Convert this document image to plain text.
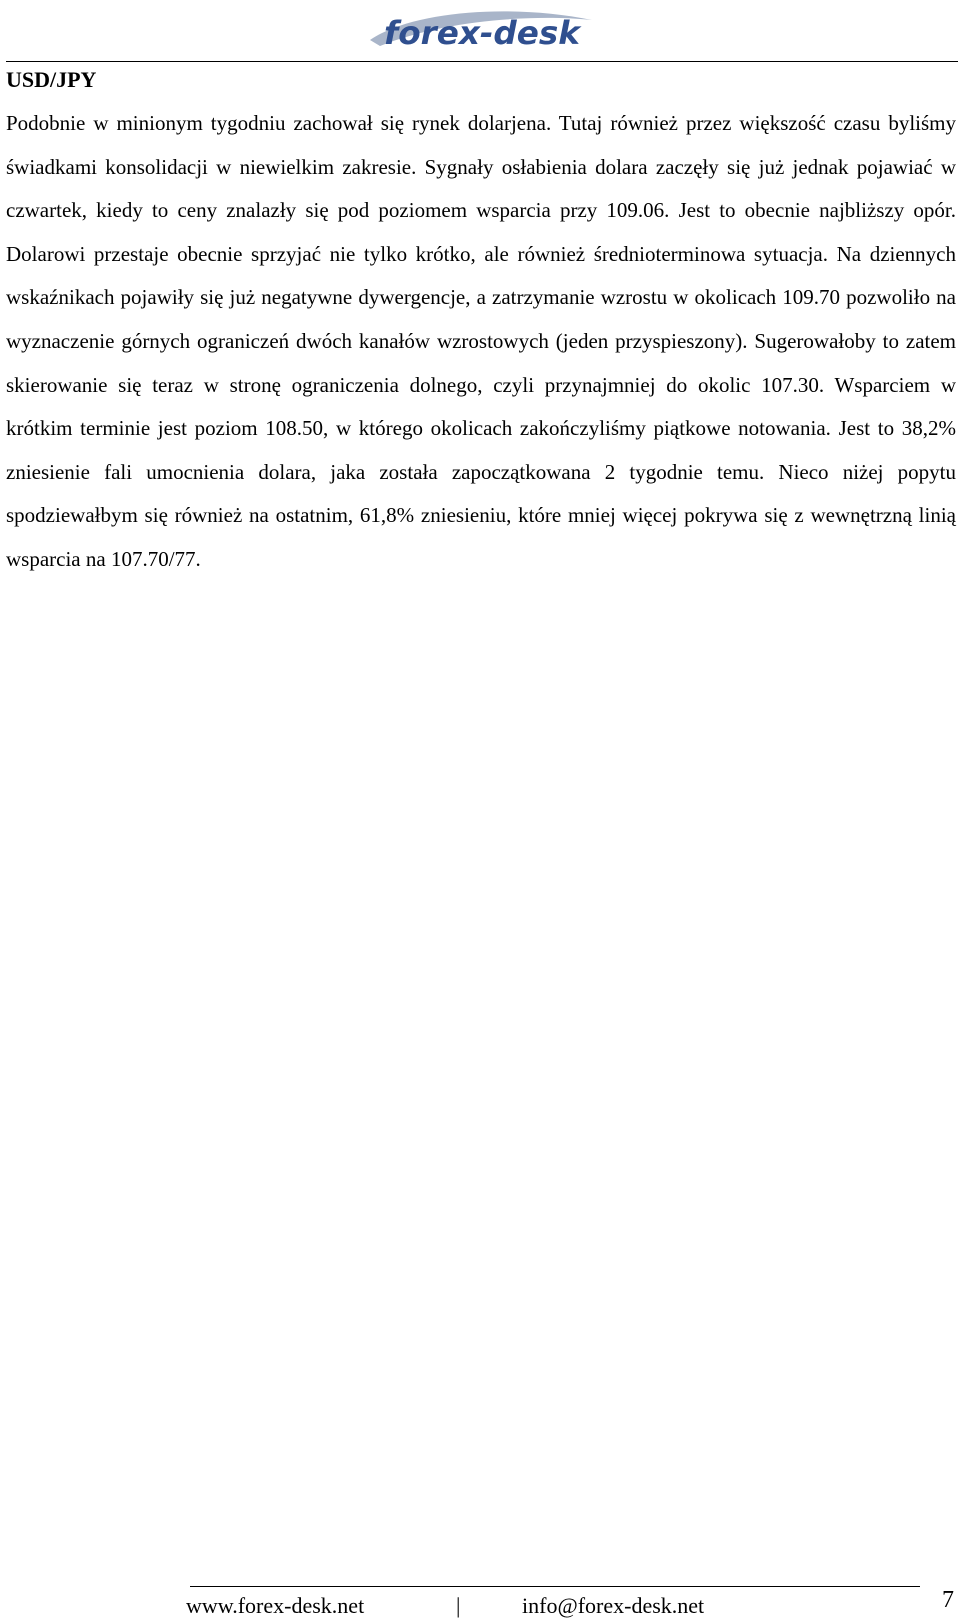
forex-desk
USD/JPY

Podobnie w minionym tygodniu zachował się rynek dolarjena. Tutaj również przez większość czasu byliśmy świadkami konsolidacji w niewielkim zakresie. Sygnały osłabienia dolara zaczęły się już jednak pojawiać w czwartek, kiedy to ceny znalazły się pod poziomem wsparcia przy 109.06. Jest to obecnie najbliższy opór. Dolarowi przestaje obecnie sprzyjać nie tylko krótko, ale również średnioterminowa sytuacja. Na dziennych wskaźnikach pojawiły się już negatywne dywergencje, a zatrzymanie wzrostu w okolicach 109.70 pozwoliło na wyznaczenie górnych ograniczeń dwóch kanałów wzrostowych (jeden przyspieszony). Sugerowałoby to zatem skierowanie się teraz w stronę ograniczenia dolnego, czyli przynajmniej do okolic 107.30. Wsparciem w krótkim terminie jest poziom 108.50, w którego okolicach zakończyliśmy piątkowe notowania. Jest to 38,2% zniesienie fali umocnienia dolara, jaka została zapoczątkowana 2 tygodnie temu. Nieco niżej popytu spodziewałbym się również na ostatnim, 61,8% zniesieniu, które mniej więcej pokrywa się z wewnętrzną linią wsparcia na 107.70/77.

www.forex-desk.net	|	info@forex-desk.net	7
